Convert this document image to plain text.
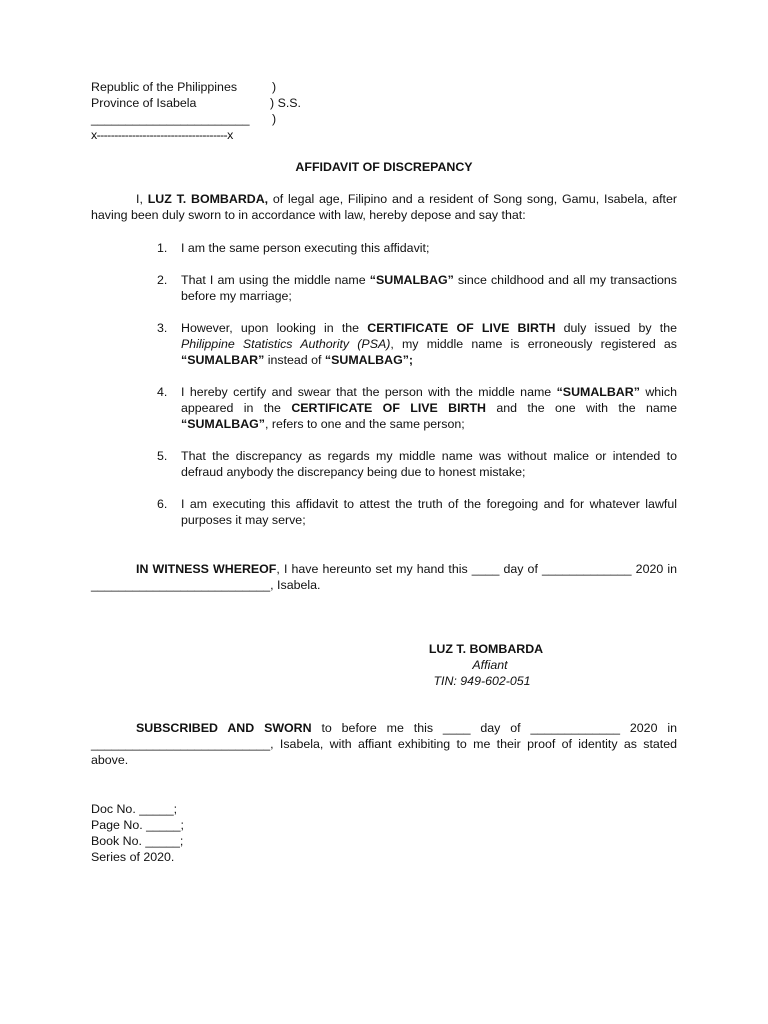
Republic of the Philippines	)
Province of Isabela	) S.S.
_______________________ )
x-------------------------------------x
AFFIDAVIT OF DISCREPANCY
I, LUZ T. BOMBARDA, of legal age, Filipino and a resident of Song song, Gamu, Isabela, after having been duly sworn to in accordance with law, hereby depose and say that:
1.	I am the same person executing this affidavit;
2.	That I am using the middle name “SUMALBAG” since childhood and all my transactions before my marriage;
3.	However, upon looking in the CERTIFICATE OF LIVE BIRTH duly issued by the Philippine Statistics Authority (PSA), my middle name is erroneously registered as “SUMALBAR” instead of “SUMALBAG”;
4.	I hereby certify and swear that the person with the middle name “SUMALBAR” which appeared in the CERTIFICATE OF LIVE BIRTH and the one with the name “SUMALBAG”, refers to one and the same person;
5.	That the discrepancy as regards my middle name was without malice or intended to defraud anybody the discrepancy being due to honest mistake;
6.	I am executing this affidavit to attest the truth of the foregoing and for whatever lawful purposes it may serve;
IN WITNESS WHEREOF, I have hereunto set my hand this ____ day of _____________ 2020 in __________________________, Isabela.
LUZ T. BOMBARDA
Affiant
TIN: 949-602-051
SUBSCRIBED AND SWORN to before me this ____ day of _____________ 2020 in __________________________, Isabela, with affiant exhibiting to me their proof of identity as stated above.
Doc No. _____;
Page No. _____;
Book No. _____;
Series of 2020.
